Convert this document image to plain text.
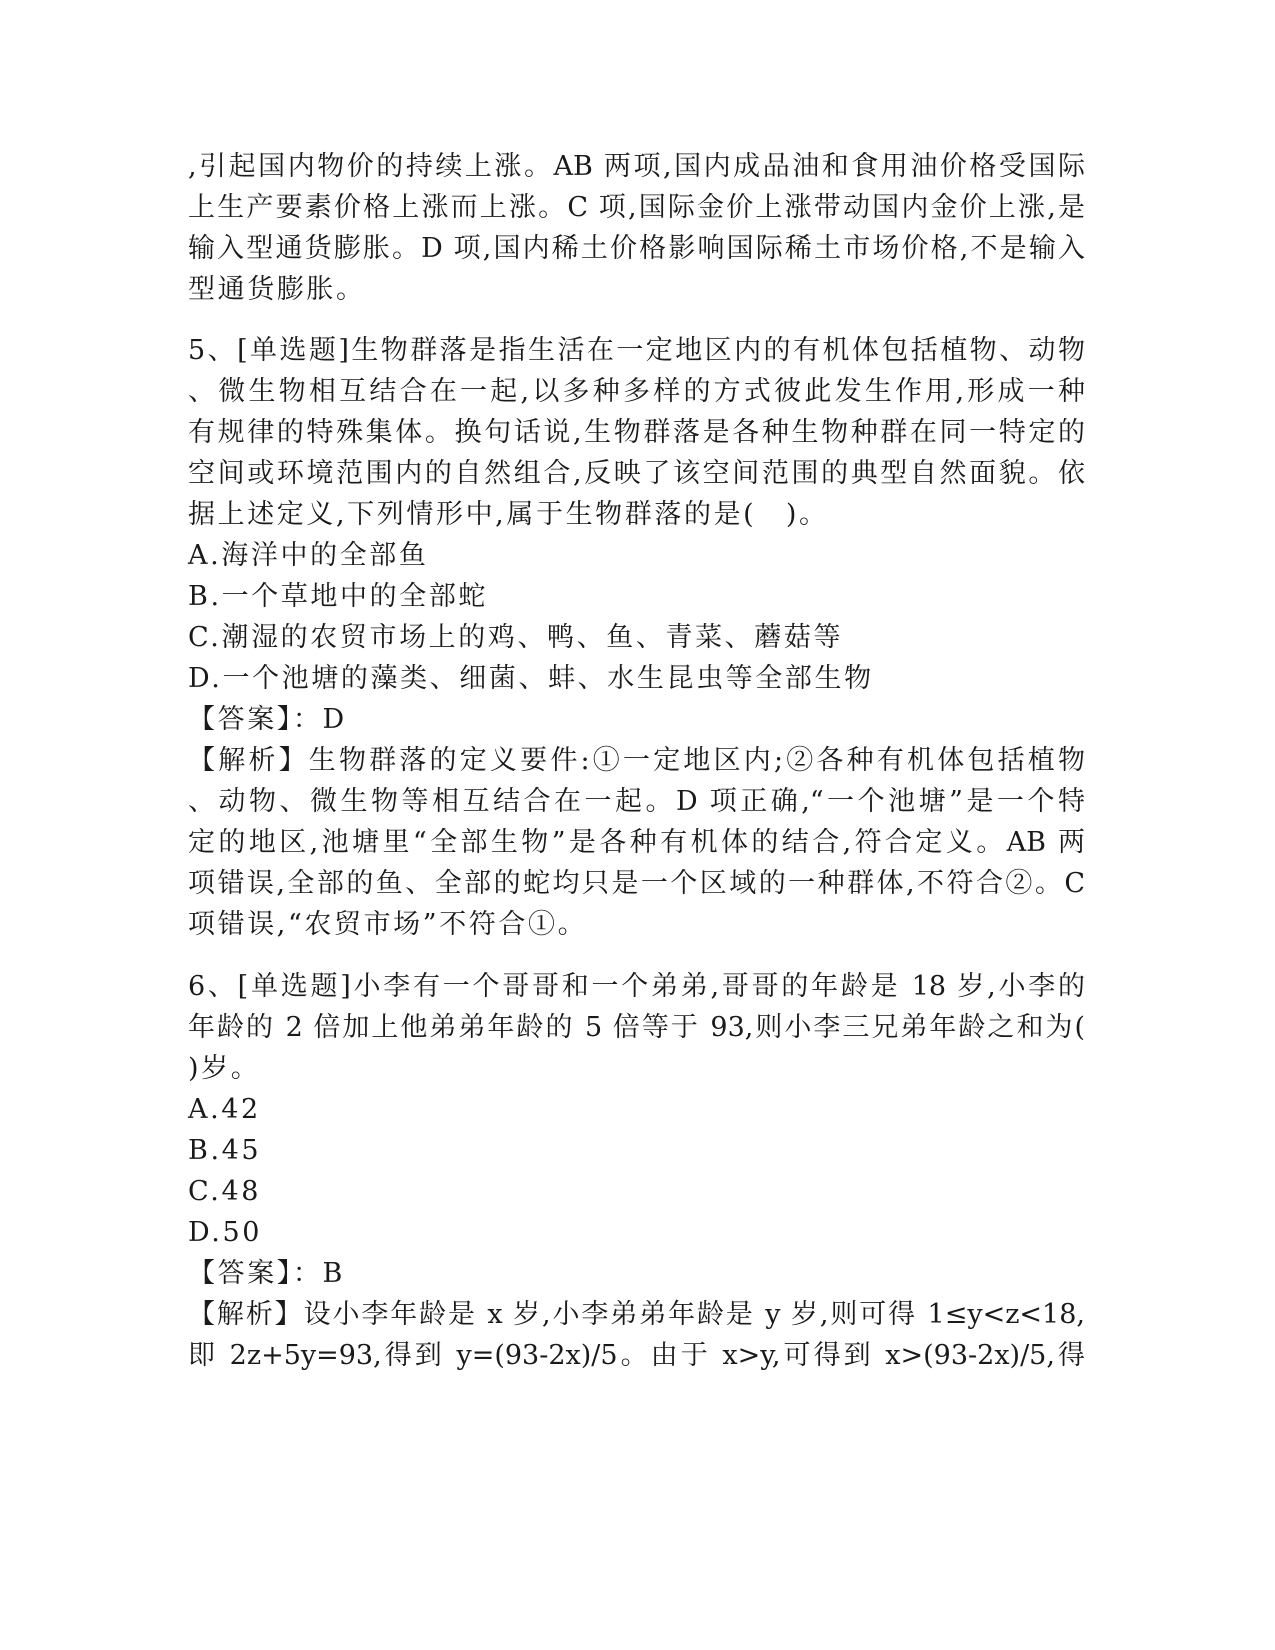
,引起国内物价的持续上涨。AB 两项,国内成品油和食用油价格受国际
上生产要素价格上涨而上涨。C 项,国际金价上涨带动国内金价上涨,是
输入型通货膨胀。D 项,国内稀土价格影响国际稀土市场价格,不是输入
型通货膨胀。
5、[单选题]生物群落是指生活在一定地区内的有机体包括植物、动物
、微生物相互结合在一起,以多种多样的方式彼此发生作用,形成一种
有规律的特殊集体。换句话说,生物群落是各种生物种群在同一特定的
空间或环境范围内的自然组合,反映了该空间范围的典型自然面貌。依
据上述定义,下列情形中,属于生物群落的是(　)。
A.海洋中的全部鱼
B.一个草地中的全部蛇
C.潮湿的农贸市场上的鸡、鸭、鱼、青菜、蘑菇等
D.一个池塘的藻类、细菌、蚌、水生昆虫等全部生物
【答案】：D
【解析】生物群落的定义要件:①一定地区内;②各种有机体包括植物
、动物、微生物等相互结合在一起。D 项正确,“一个池塘”是一个特
定的地区,池塘里“全部生物”是各种有机体的结合,符合定义。AB 两
项错误,全部的鱼、全部的蛇均只是一个区域的一种群体,不符合②。C
项错误,“农贸市场”不符合①。
6、[单选题]小李有一个哥哥和一个弟弟,哥哥的年龄是 18 岁,小李的
年龄的 2 倍加上他弟弟年龄的 5 倍等于 93,则小李三兄弟年龄之和为(
)岁。
A.42
B.45
C.48
D.50
【答案】：B
【解析】设小李年龄是 x 岁,小李弟弟年龄是 y 岁,则可得 1≤y<z<18,
即 2z+5y=93,得到 y=(93-2x)/5。由于 x>y,可得到 x>(93-2x)/5,得
